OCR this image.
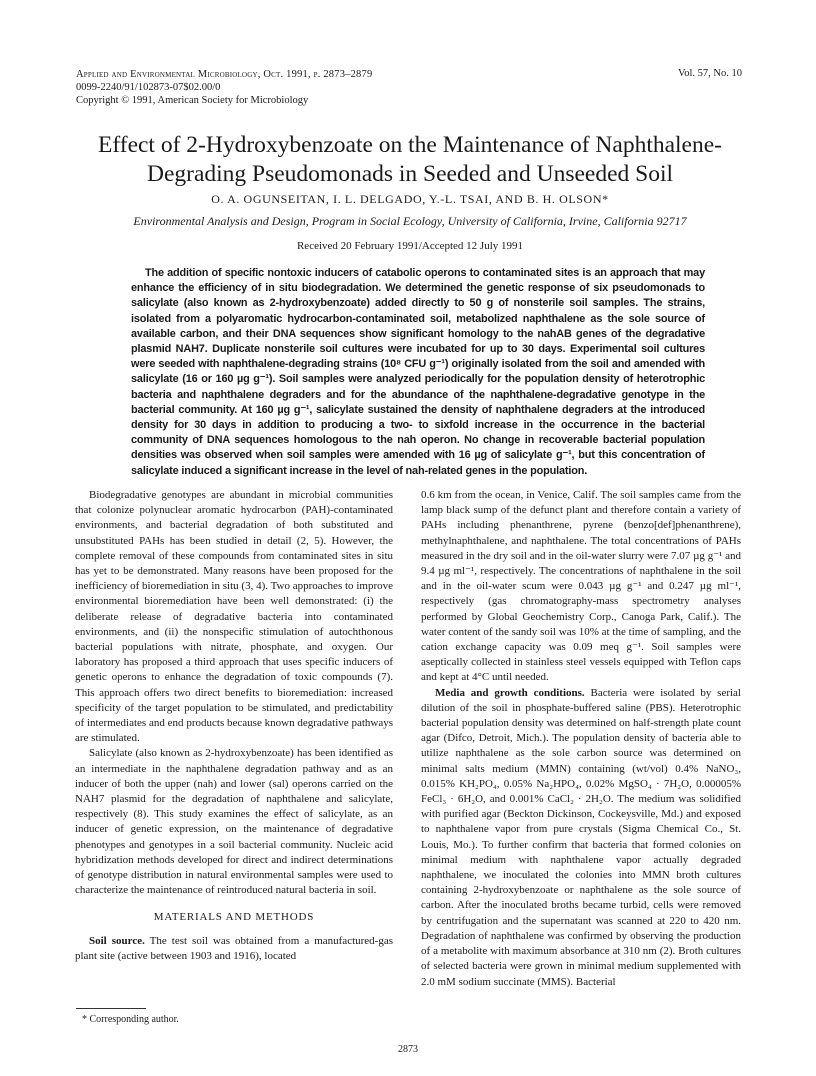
Applied and Environmental Microbiology, Oct. 1991, p. 2873–2879
0099-2240/91/102873-07$02.00/0
Copyright © 1991, American Society for Microbiology
Vol. 57, No. 10
Effect of 2-Hydroxybenzoate on the Maintenance of Naphthalene-
Degrading Pseudomonads in Seeded and Unseeded Soil
O. A. OGUNSEITAN, I. L. DELGADO, Y.-L. TSAI, AND B. H. OLSON*
Environmental Analysis and Design, Program in Social Ecology, University of California, Irvine, California 92717
Received 20 February 1991/Accepted 12 July 1991

The addition of specific nontoxic inducers of catabolic operons to contaminated sites is an approach that may enhance the efficiency of in situ biodegradation. We determined the genetic response of six pseudomonads to salicylate (also known as 2-hydroxybenzoate) added directly to 50 g of nonsterile soil samples. The strains, isolated from a polyaromatic hydrocarbon-contaminated soil, metabolized naphthalene as the sole source of available carbon, and their DNA sequences show significant homology to the nahAB genes of the degradative plasmid NAH7. Duplicate nonsterile soil cultures were incubated for up to 30 days. Experimental soil cultures were seeded with naphthalene-degrading strains (10⁸ CFU g⁻¹) originally isolated from the soil and amended with salicylate (16 or 160 µg g⁻¹). Soil samples were analyzed periodically for the population density of heterotrophic bacteria and naphthalene degraders and for the abundance of the naphthalene-degradative genotype in the bacterial community. At 160 µg g⁻¹, salicylate sustained the density of naphthalene degraders at the introduced density for 30 days in addition to producing a two- to sixfold increase in the occurrence in the bacterial community of DNA sequences homologous to the nah operon. No change in recoverable bacterial population densities was observed when soil samples were amended with 16 µg of salicylate g⁻¹, but this concentration of salicylate induced a significant increase in the level of nah-related genes in the population.

Biodegradative genotypes are abundant in microbial communities that colonize polynuclear aromatic hydrocarbon (PAH)-contaminated environments, and bacterial degradation of both substituted and unsubstituted PAHs has been studied in detail (2, 5). However, the complete removal of these compounds from contaminated sites in situ has yet to be demonstrated. Many reasons have been proposed for the inefficiency of bioremediation in situ (3, 4). Two approaches to improve environmental bioremediation have been well demonstrated: (i) the deliberate release of degradative bacteria into contaminated environments, and (ii) the nonspecific stimulation of autochthonous bacterial populations with nitrate, phosphate, and oxygen. Our laboratory has proposed a third approach that uses specific inducers of genetic operons to enhance the degradation of toxic compounds (7). This approach offers two direct benefits to bioremediation: increased specificity of the target population to be stimulated, and predictability of intermediates and end products because known degradative pathways are stimulated.

Salicylate (also known as 2-hydroxybenzoate) has been identified as an intermediate in the naphthalene degradation pathway and as an inducer of both the upper (nah) and lower (sal) operons carried on the NAH7 plasmid for the degradation of naphthalene and salicylate, respectively (8). This study examines the effect of salicylate, as an inducer of genetic expression, on the maintenance of degradative phenotypes and genotypes in a soil bacterial community. Nucleic acid hybridization methods developed for direct and indirect determinations of genotype distribution in natural environmental samples were used to characterize the maintenance of reintroduced natural bacteria in soil.

MATERIALS AND METHODS

Soil source. The test soil was obtained from a manufactured-gas plant site (active between 1903 and 1916), located

0.6 km from the ocean, in Venice, Calif. The soil samples came from the lamp black sump of the defunct plant and therefore contain a variety of PAHs including phenanthrene, pyrene (benzo[def]phenanthrene), methylnaphthalene, and naphthalene. The total concentrations of PAHs measured in the dry soil and in the oil-water slurry were 7.07 µg g⁻¹ and 9.4 µg ml⁻¹, respectively. The concentrations of naphthalene in the soil and in the oil-water scum were 0.043 µg g⁻¹ and 0.247 µg ml⁻¹, respectively (gas chromatography-mass spectrometry analyses performed by Global Geochemistry Corp., Canoga Park, Calif.). The water content of the sandy soil was 10% at the time of sampling, and the cation exchange capacity was 0.09 meq g⁻¹. Soil samples were aseptically collected in stainless steel vessels equipped with Teflon caps and kept at 4°C until needed.

Media and growth conditions. Bacteria were isolated by serial dilution of the soil in phosphate-buffered saline (PBS). Heterotrophic bacterial population density was determined on half-strength plate count agar (Difco, Detroit, Mich.). The population density of bacteria able to utilize naphthalene as the sole carbon source was determined on minimal salts medium (MMN) containing (wt/vol) 0.4% NaNO₃, 0.015% KH₂PO₄, 0.05% Na₂HPO₄, 0.02% MgSO₄ · 7H₂O, 0.00005% FeCl₃ · 6H₂O, and 0.001% CaCl₂ · 2H₂O. The medium was solidified with purified agar (Beckton Dickinson, Cockeysville, Md.) and exposed to naphthalene vapor from pure crystals (Sigma Chemical Co., St. Louis, Mo.). To further confirm that bacteria that formed colonies on minimal medium with naphthalene vapor actually degraded naphthalene, we inoculated the colonies into MMN broth cultures containing 2-hydroxybenzoate or naphthalene as the sole source of carbon. After the inoculated broths became turbid, cells were removed by centrifugation and the supernatant was scanned at 220 to 420 nm. Degradation of naphthalene was confirmed by observing the production of a metabolite with maximum absorbance at 310 nm (2). Broth cultures of selected bacteria were grown in minimal medium supplemented with 2.0 mM sodium succinate (MMS). Bacterial

* Corresponding author.
2873
